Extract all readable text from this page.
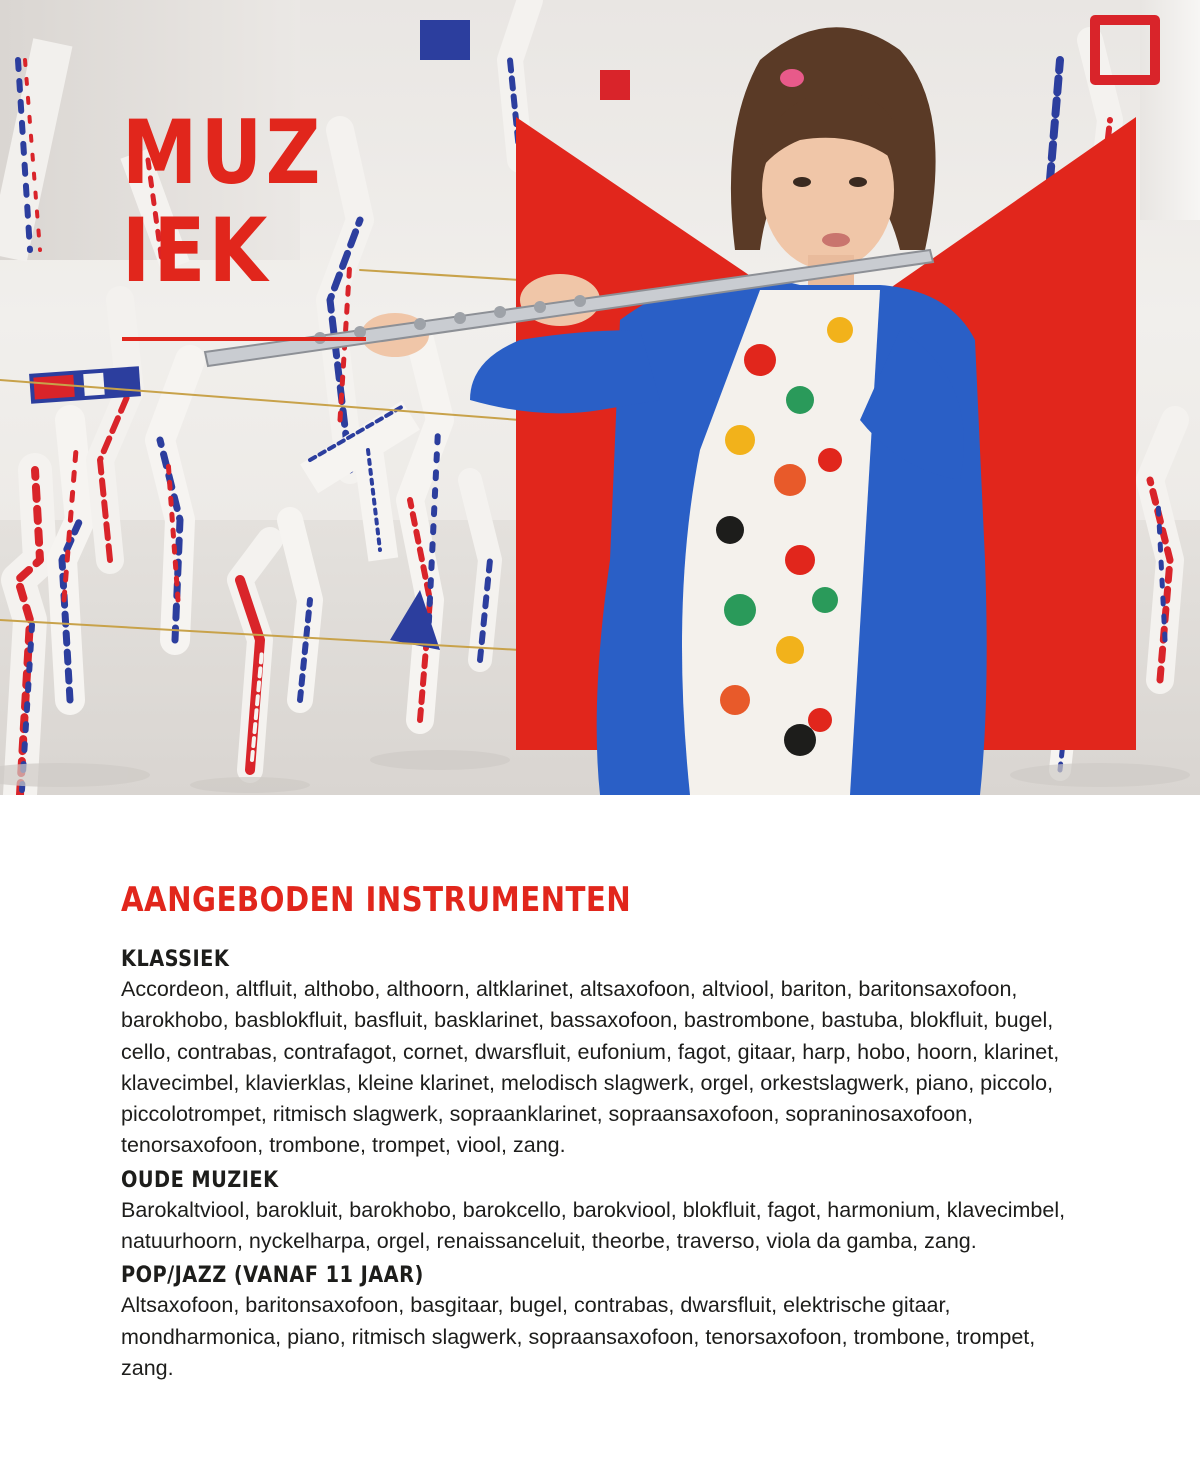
MUZ
IEK
AANGEBODEN INSTRUMENTEN
KLASSIEK

Accordeon, altfluit, althobo, althoorn, altklarinet, altsaxofoon, altviool, bariton, baritonsaxofoon, barokhobo, basblokfluit, basfluit, basklarinet, bassaxofoon, bastrombone, bastuba, blokfluit, bugel, cello, contrabas, contrafagot, cornet, dwarsfluit, eufonium, fagot, gitaar, harp, hobo, hoorn, klarinet, klavecimbel, klavierklas, kleine klarinet, melodisch slagwerk, orgel, orkestslagwerk, piano, piccolo, piccolotrompet, ritmisch slagwerk, sopraanklarinet, sopraansaxofoon, sopraninosaxofoon, tenorsaxofoon, trombone, trompet, viool, zang.

OUDE MUZIEK

Barokaltviool, barokluit, barokhobo, barokcello, barokviool, blokfluit, fagot, harmonium, klavecimbel, natuurhoorn, nyckelharpa, orgel, renaissanceluit, theorbe, traverso, viola da gamba, zang.

POP/JAZZ (VANAF 11 JAAR)

Altsaxofoon, baritonsaxofoon, basgitaar, bugel, contrabas, dwarsfluit, elektrische gitaar, mondharmonica, piano, ritmisch slagwerk, sopraansaxofoon, tenorsaxofoon, trombone, trompet, zang.
